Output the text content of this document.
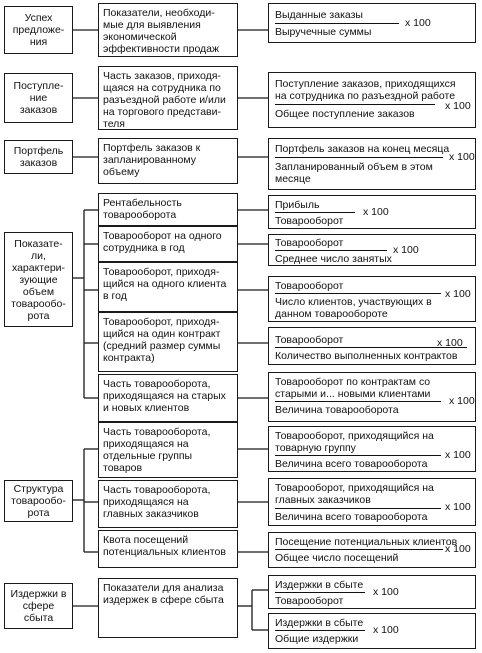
Успех
предложе-
ния
Поступле-
ние
заказов
Портфель
заказов
Показате-
ли,
характери-
зующие
объем
товарообо-
рота
Структура
товарообо-
рота
Издержки в
сфере
сбыта
Показатели, необходи-
мые для выявления
экономической
эффективности продаж
Часть заказов, приходя-
щаяся на сотрудника по
разъездной работе и/или
на торгового представи-
теля
Портфель заказов к
запланированному
объему
Рентабельность
товарооборота
Товарооборот на одного
сотрудника в год
Товарооборот, приходя-
щийся на одного клиента
в год
Товарооборот, приходя-
щийся на один контракт
(средний размер суммы
контракта)
Часть товарооборота,
приходящаяся на старых
и новых клиентов
Часть товарооборота,
приходящаяся на
отдельные группы
товаров
Часть товарооборота,
приходящаяся на
главных заказчиков
Квота посещений
потенциальных клиентов
Показатели для анализа
издержек в сфере сбыта
Выданные заказы
Выручечные суммы
x 100
Поступление заказов, приходящихся
на сотрудника по разъездной работе
Общее поступление заказов
x 100
Портфель заказов на конец месяца
Запланированный объем в этом
месяце
x 100
Прибыль
Товарооборот
x 100
Товарооборот
Среднее число занятых
x 100
Товарооборот
Число клиентов, участвующих в
данном товарообороте
x 100
Товарооборот
Количество выполненных контрактов
x 100
Товарооборот по контрактам со
старыми и... новыми клиентами
Величина товарооборота
x 100
Товарооборот, приходящийся на
товарную группу
Величина всего товарооборота
x 100
Товарооборот, приходящийся на
главных заказчиков
Величина всего товарооборота
x 100
Посещение потенциальных клиентов
Общее число посещений
x 100
Издержки в сбыте
Товарооборот
x 100
Издержки в сбыте
Общие издержки
x 100
